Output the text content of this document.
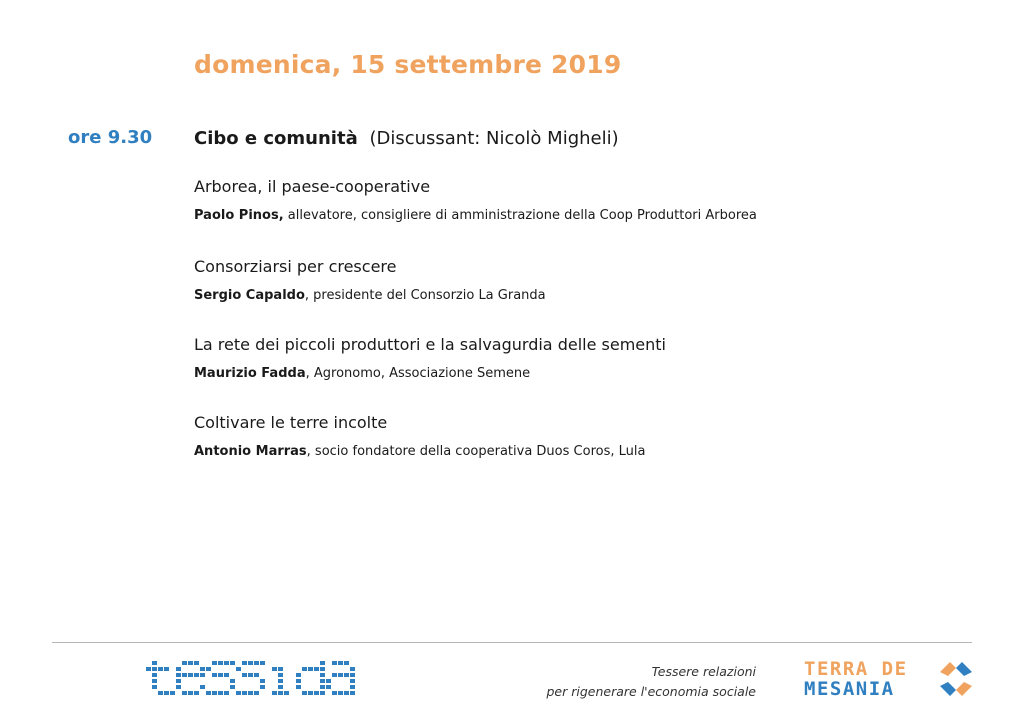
domenica, 15 settembre 2019
ore 9.30 Cibo e comunità (Discussant: Nicolò Migheli)
Arborea, il paese-cooperative
Paolo Pinos, allevatore, consigliere di amministrazione della Coop Produttori Arborea
Consorziarsi per crescere
Sergio Capaldo, presidente del Consorzio La Granda
La rete dei piccoli produttori e la salvagurdia delle sementi
Maurizio Fadda, Agronomo, Associazione Semene
Coltivare le terre incolte
Antonio Marras, socio fondatore della cooperativa Duos Coros, Lula
tessida
Tessere relazioni
per rigenerare l'economia sociale
TERRA DE
MESANIA
